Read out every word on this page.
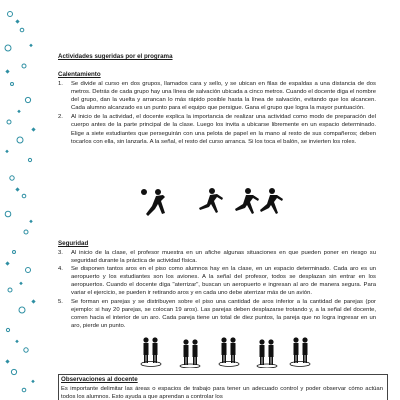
Actividades sugeridas por el programa
Calentamiento
1. Se divide al curso en dos grupos, llamados cara y sello, y se ubican en filas de espaldas a una distancia de dos metros. Detrás de cada grupo hay una línea de salvación ubicada a cinco metros. Cuando el docente diga el nombre del grupo, dan la vuelta y arrancan lo más rápido posible hasta la línea de salvación, evitando que los alcancen. Cada alumno alcanzado es un punto para el equipo que persigue. Gana el grupo que logra la mayor puntuación.
2. Al inicio de la actividad, el docente explica la importancia de realizar una actividad como modo de preparación del cuerpo antes de la parte principal de la clase. Luego los invita a ubicarse libremente en un espacio determinado. Elige a siete estudiantes que perseguirán con una pelota de papel en la mano al resto de sus compañeros; deben tocarlos con ella, sin lanzarla. A la señal, el resto del curso arranca. Si los toca el balón, se invierten los roles.
Seguridad
3. Al inicio de la clase, el profesor muestra en un afiche algunas situaciones en que pueden poner en riesgo su seguridad durante la práctica de actividad física.
4. Se disponen tantos aros en el piso como alumnos hay en la clase, en un espacio determinado. Cada aro es un aeropuerto y los estudiantes son los aviones. A la señal del profesor, todos se desplazan sin entrar en los aeropuertos. Cuando el docente diga "aterrizar", buscan un aeropuerto e ingresan al aro de manera segura. Para variar el ejercicio, se pueden ir retirando aros y en cada uno debe aterrizar más de un avión.
5. Se forman en parejas y se distribuyen sobre el piso una cantidad de aros inferior a la cantidad de parejas (por ejemplo: si hay 20 parejas, se colocan 19 aros). Las parejas deben desplazarse trotando y, a la señal del docente, corren hacia el interior de un aro. Cada pareja tiene un total de diez puntos, la pareja que no logra ingresar en un aro, pierde un punto.
Observaciones al docente
Es importante delimitar las áreas o espacios de trabajo para tener un adecuado control y poder observar cómo actúan todos los alumnos. Esto ayuda a que aprendan a controlar los
